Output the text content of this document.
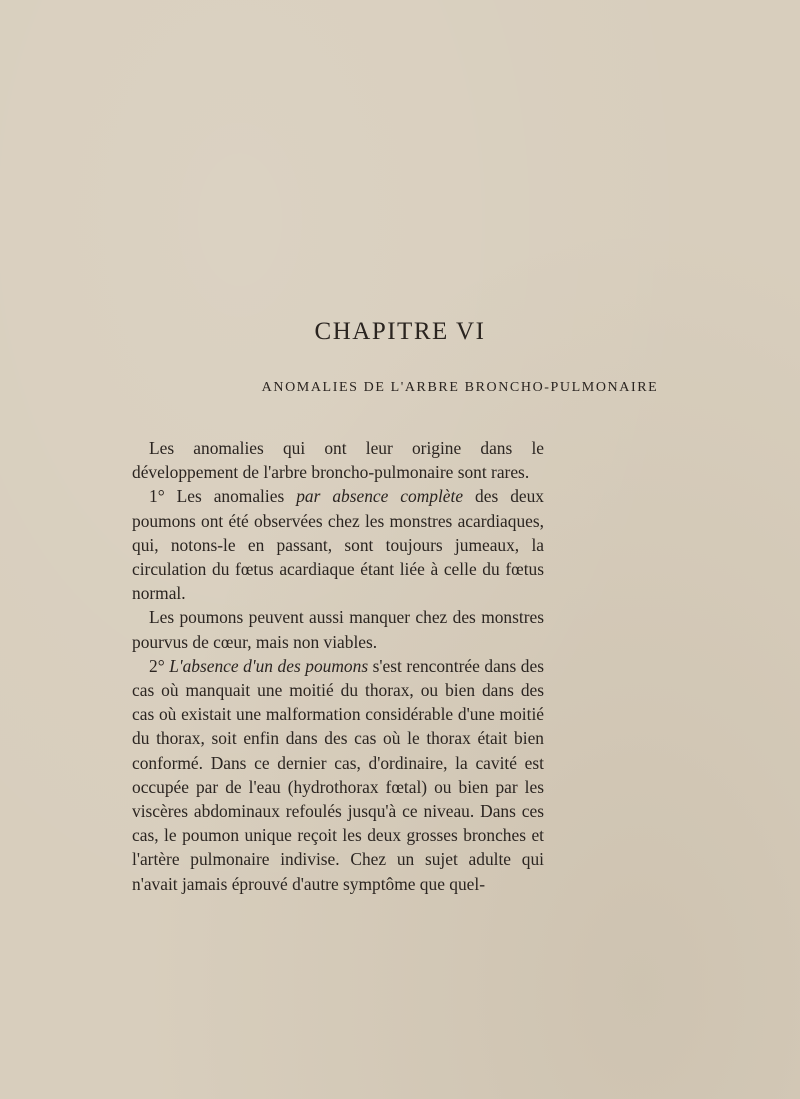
CHAPITRE VI
ANOMALIES DE L'ARBRE BRONCHO-PULMONAIRE

Les anomalies qui ont leur origine dans le développement de l'arbre broncho-pulmonaire sont rares.

1° Les anomalies par absence complète des deux poumons ont été observées chez les monstres acardiaques, qui, notons-le en passant, sont toujours jumeaux, la circulation du fœtus acardiaque étant liée à celle du fœtus normal.

Les poumons peuvent aussi manquer chez des monstres pourvus de cœur, mais non viables.

2° L'absence d'un des poumons s'est rencontrée dans des cas où manquait une moitié du thorax, ou bien dans des cas où existait une malformation considérable d'une moitié du thorax, soit enfin dans des cas où le thorax était bien conformé. Dans ce dernier cas, d'ordinaire, la cavité est occupée par de l'eau (hydrothorax fœtal) ou bien par les viscères abdominaux refoulés jusqu'à ce niveau. Dans ces cas, le poumon unique reçoit les deux grosses bronches et l'artère pulmonaire indivise. Chez un sujet adulte qui n'avait jamais éprouvé d'autre symptôme que quel-
